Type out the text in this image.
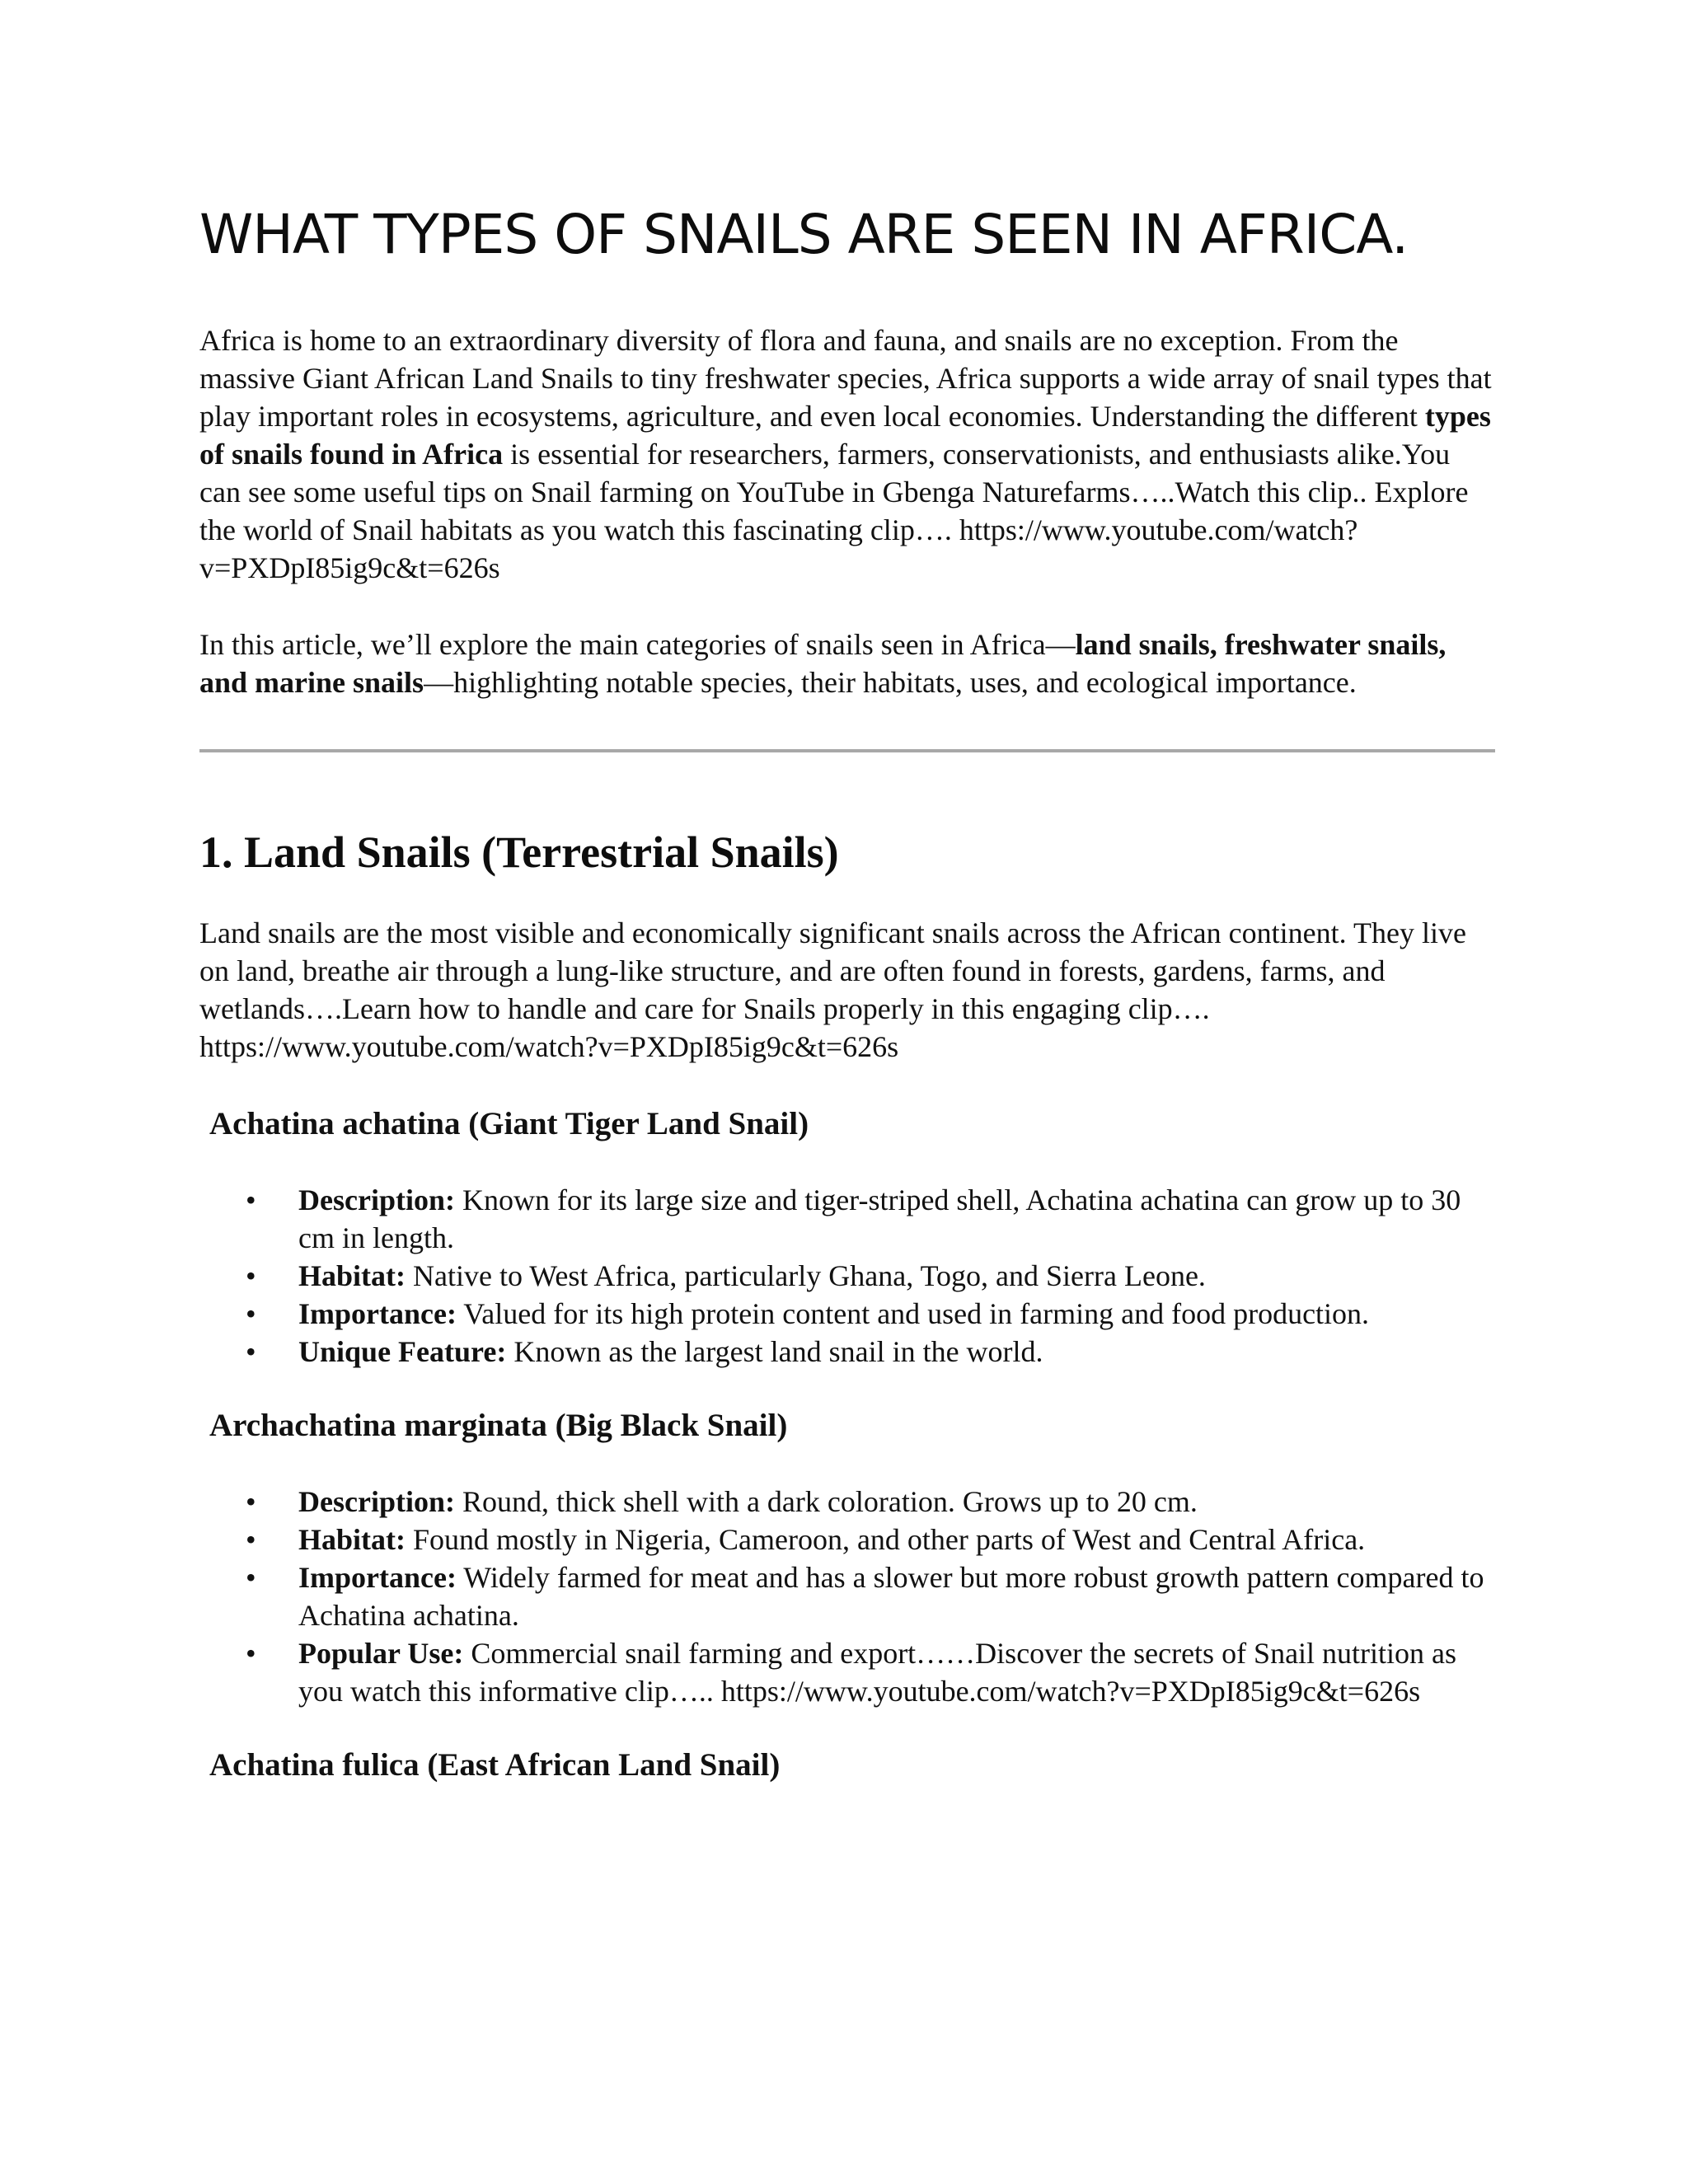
WHAT TYPES OF SNAILS ARE SEEN IN AFRICA.

Africa is home to an extraordinary diversity of flora and fauna, and snails are no exception. From the massive Giant African Land Snails to tiny freshwater species, Africa supports a wide array of snail types that play important roles in ecosystems, agriculture, and even local economies. Understanding the different types of snails found in Africa is essential for researchers, farmers, conservationists, and enthusiasts alike.You can see some useful tips on Snail farming on YouTube in Gbenga Naturefarms…..Watch this clip.. Explore the world of Snail habitats as you watch this fascinating clip…. https://www.youtube.com/watch?v=PXDpI85ig9c&t=626s

In this article, we’ll explore the main categories of snails seen in Africa—land snails, freshwater snails, and marine snails—highlighting notable species, their habitats, uses, and ecological importance.

1. Land Snails (Terrestrial Snails)

Land snails are the most visible and economically significant snails across the African continent. They live on land, breathe air through a lung-like structure, and are often found in forests, gardens, farms, and wetlands….Learn how to handle and care for Snails properly in this engaging clip…. https://www.youtube.com/watch?v=PXDpI85ig9c&t=626s

Achatina achatina (Giant Tiger Land Snail)
• Description: Known for its large size and tiger-striped shell, Achatina achatina can grow up to 30 cm in length.
• Habitat: Native to West Africa, particularly Ghana, Togo, and Sierra Leone.
• Importance: Valued for its high protein content and used in farming and food production.
• Unique Feature: Known as the largest land snail in the world.
Archachatina marginata (Big Black Snail)
• Description: Round, thick shell with a dark coloration. Grows up to 20 cm.
• Habitat: Found mostly in Nigeria, Cameroon, and other parts of West and Central Africa.
• Importance: Widely farmed for meat and has a slower but more robust growth pattern compared to Achatina achatina.
• Popular Use: Commercial snail farming and export……Discover the secrets of Snail nutrition as you watch this informative clip….. https://www.youtube.com/watch?v=PXDpI85ig9c&t=626s
Achatina fulica (East African Land Snail)
